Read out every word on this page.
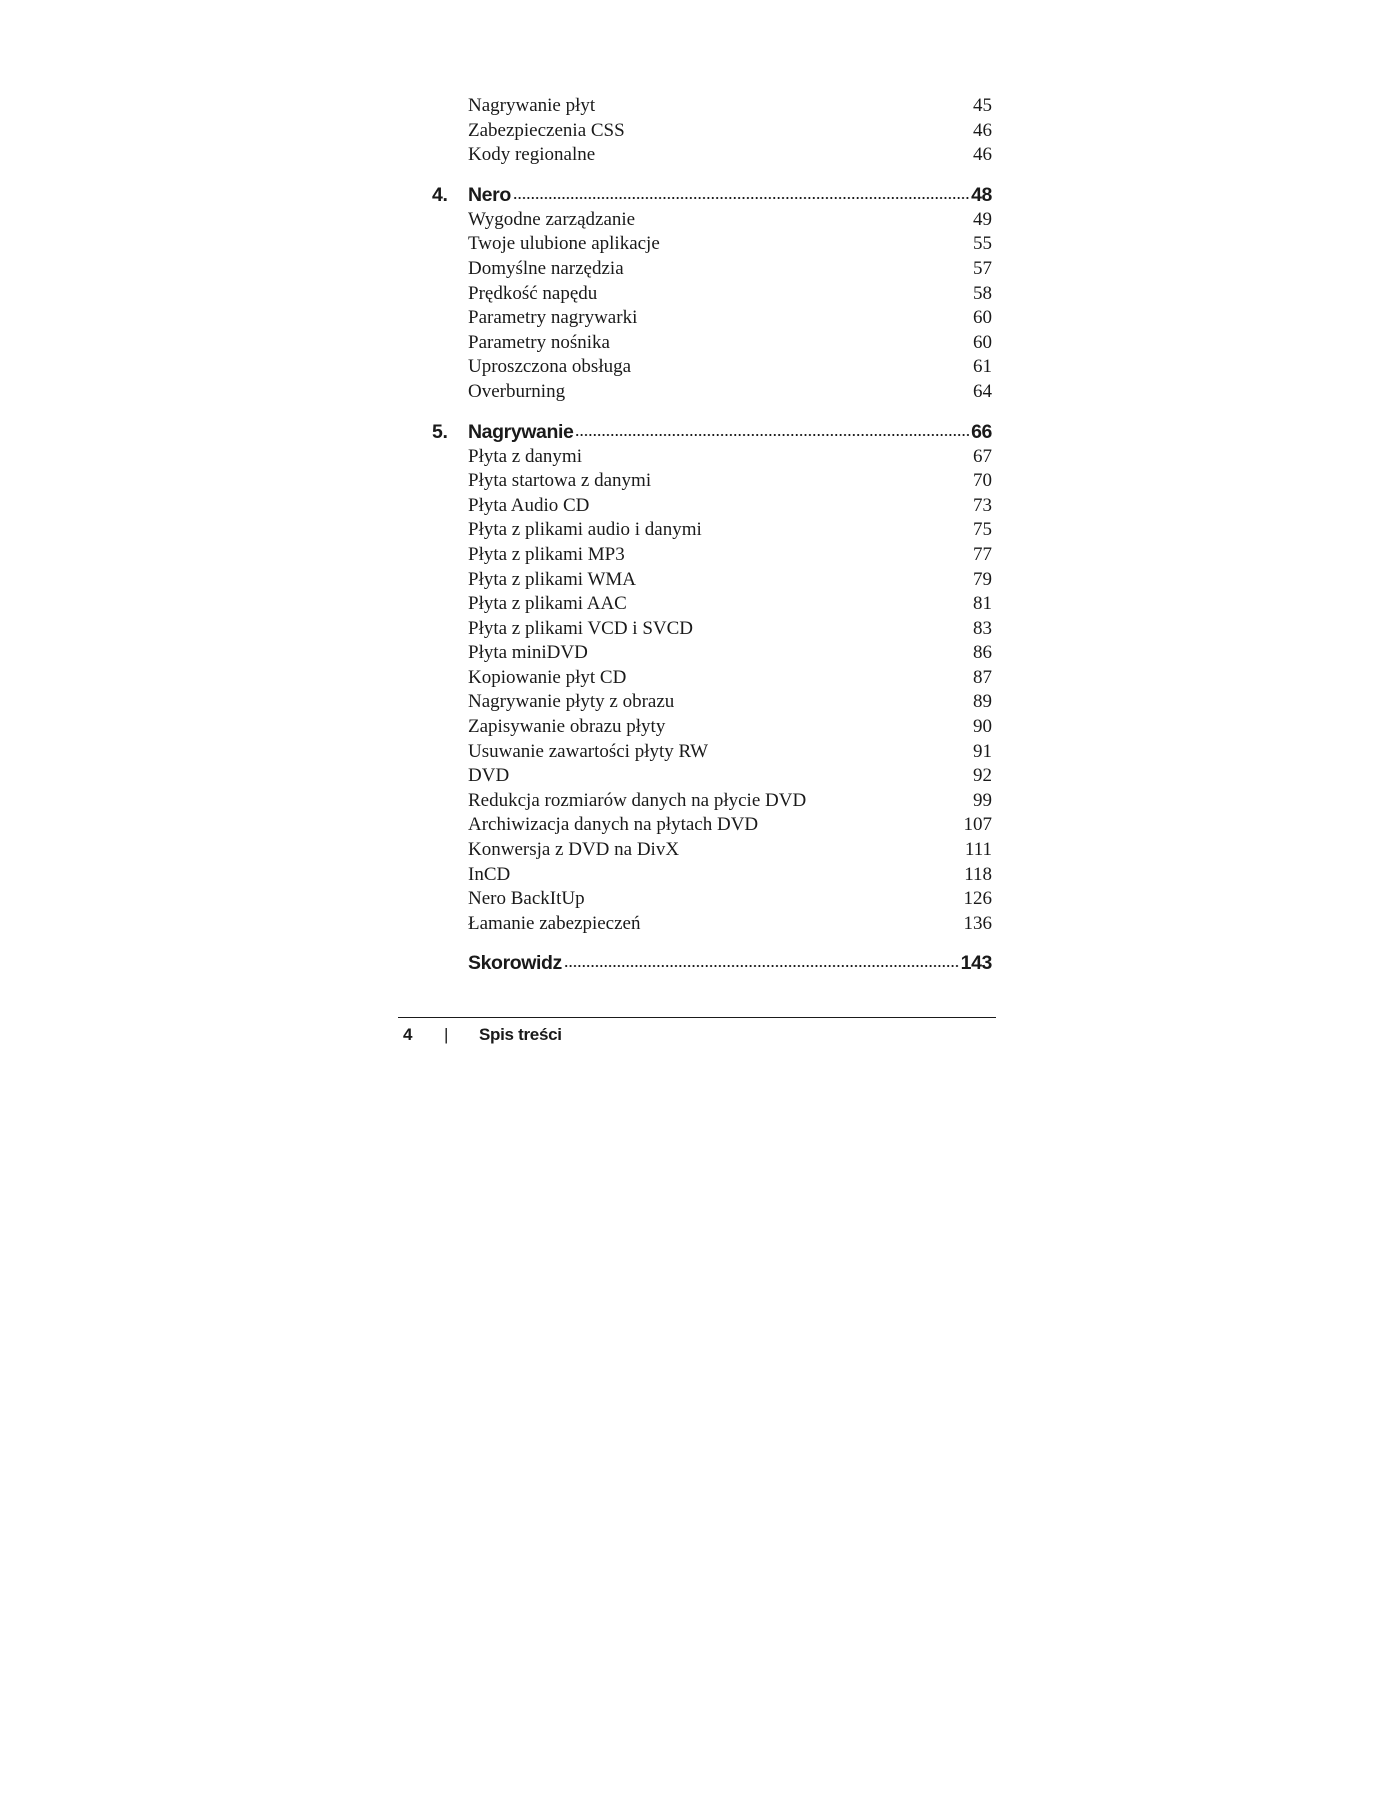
Nagrywanie płyt	45
Zabezpieczenia CSS	46
Kody regionalne	46
4. Nero	48
Wygodne zarządzanie	49
Twoje ulubione aplikacje	55
Domyślne narzędzia	57
Prędkość napędu	58
Parametry nagrywarki	60
Parametry nośnika	60
Uproszczona obsługa	61
Overburning	64
5. Nagrywanie	66
Płyta z danymi	67
Płyta startowa z danymi	70
Płyta Audio CD	73
Płyta z plikami audio i danymi	75
Płyta z plikami MP3	77
Płyta z plikami WMA	79
Płyta z plikami AAC	81
Płyta z plikami VCD i SVCD	83
Płyta miniDVD	86
Kopiowanie płyt CD	87
Nagrywanie płyty z obrazu	89
Zapisywanie obrazu płyty	90
Usuwanie zawartości płyty RW	91
DVD	92
Redukcja rozmiarów danych na płycie DVD	99
Archiwizacja danych na płytach DVD	107
Konwersja z DVD na DivX	111
InCD	118
Nero BackItUp	126
Łamanie zabezpieczeń	136
Skorowidz	143
4 | Spis treści
